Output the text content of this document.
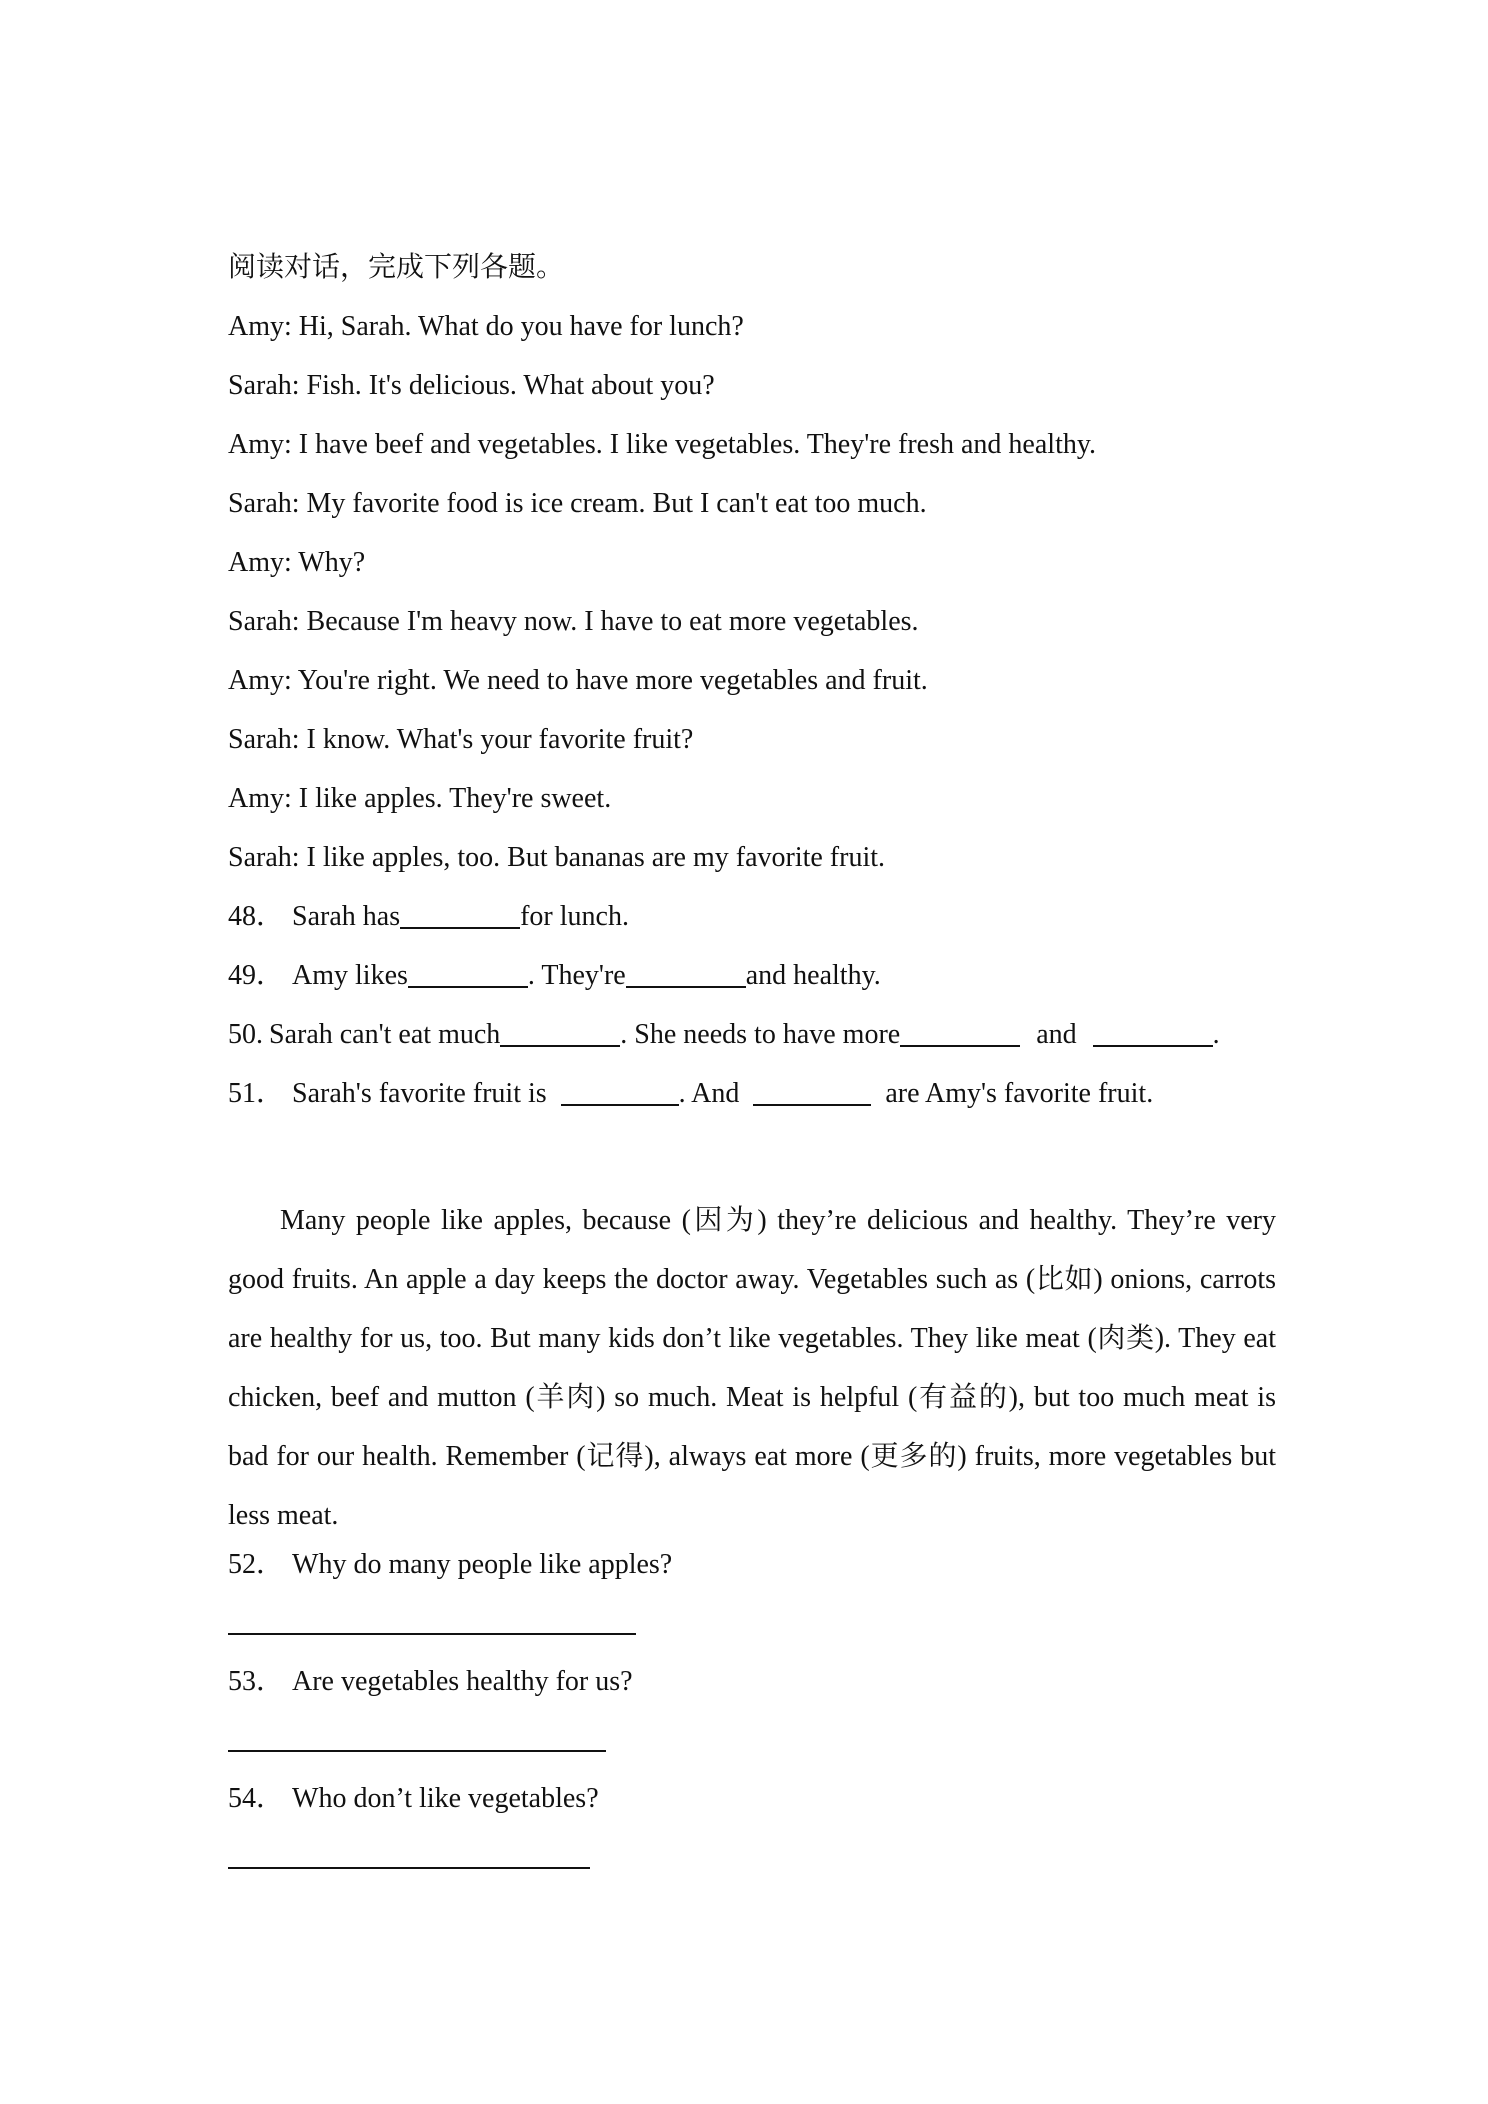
阅读对话，完成下列各题。
Amy: Hi, Sarah. What do you have for lunch?
Sarah: Fish. It's delicious. What about you?
Amy: I have beef and vegetables. I like vegetables. They're fresh and healthy.
Sarah: My favorite food is ice cream. But I can't eat too much.
Amy: Why?
Sarah: Because I'm heavy now. I have to eat more vegetables.
Amy: You're right. We need to have more vegetables and fruit.
Sarah: I know. What's your favorite fruit?
Amy: I like apples. They're sweet.
Sarah: I like apples, too. But bananas are my favorite fruit.
48． Sarah has	for lunch.
49． Amy likes	. They're	and healthy.
50. Sarah can't eat much	. She needs to have more	and	.
51． Sarah's favorite fruit is	. And	are Amy's favorite fruit.
Many people like apples, because (因为) they’re delicious and healthy. They’re very good fruits. An apple a day keeps the doctor away. Vegetables such as (比如) onions, carrots are healthy for us, too. But many kids don’t like vegetables. They like meat (肉类). They eat chicken, beef and mutton (羊肉) so much. Meat is helpful (有益的), but too much meat is bad for our health. Remember (记得), always eat more (更多的) fruits, more vegetables but less meat.
52． Why do many people like apples?
53． Are vegetables healthy for us?
54． Who don’t like vegetables?
